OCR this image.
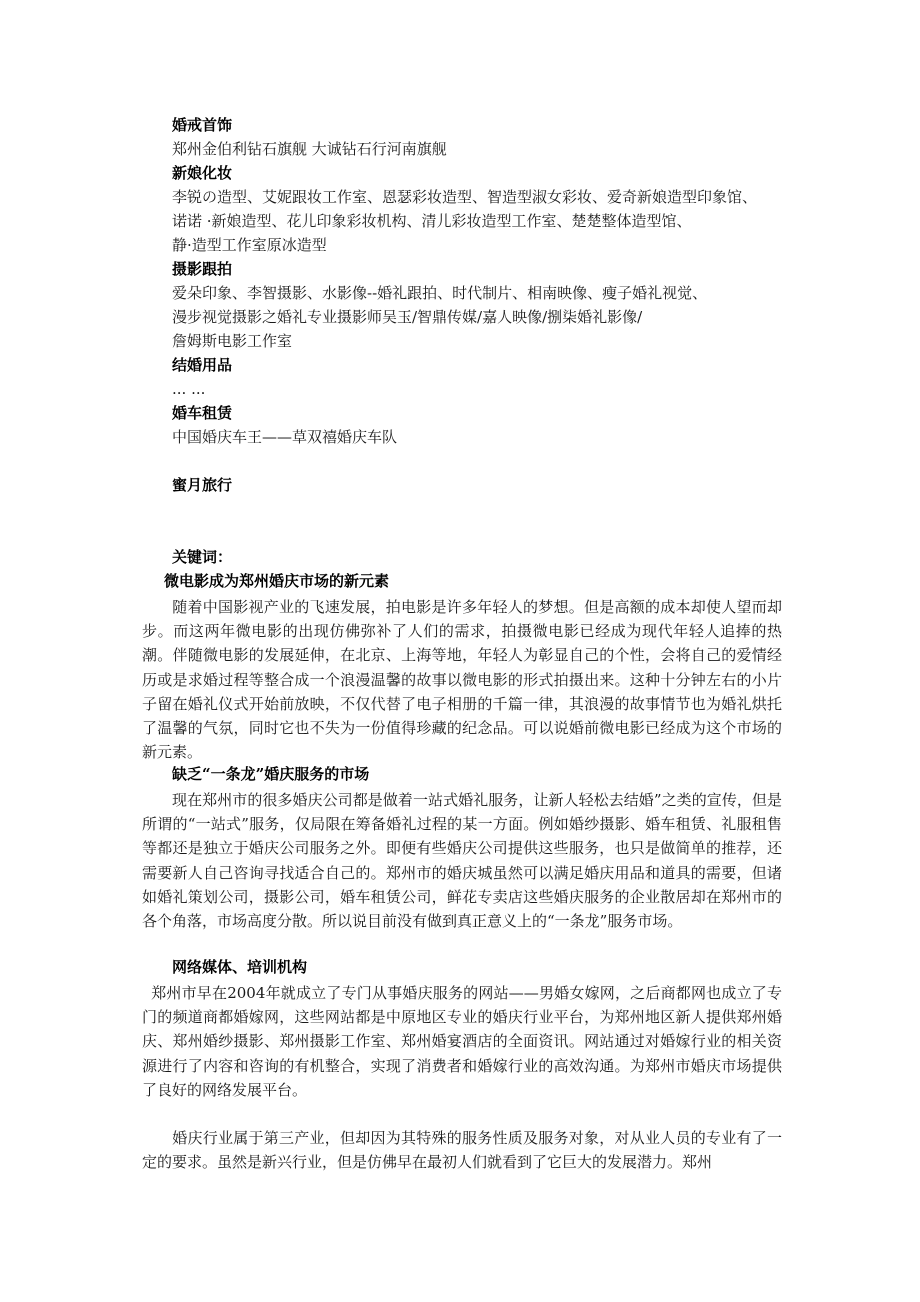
婚戒首饰
郑州金伯利钻石旗舰 大诚钻石行河南旗舰
新娘化妆
李锐の造型、艾妮跟妆工作室、恩瑟彩妆造型、智造型淑女彩妆、爱奇新娘造型印象馆、
诺诺 ·新娘造型、花儿印象彩妆机构、清儿彩妆造型工作室、楚楚整体造型馆、
静·造型工作室原冰造型
摄影跟拍
爱朵印象、李智摄影、水影像--婚礼跟拍、时代制片、相南映像、瘦子婚礼视觉、
漫步视觉摄影之婚礼专业摄影师吴玉/智鼎传媒/嘉人映像/捌柒婚礼影像/
詹姆斯电影工作室
结婚用品
... ...
婚车租赁
中国婚庆车王——草双禧婚庆车队
蜜月旅行
关键词：
微电影成为郑州婚庆市场的新元素
随着中国影视产业的飞速发展，拍电影是许多年轻人的梦想。但是高额的成本却使人望而却步。而这两年微电影的出现仿佛弥补了人们的需求，拍摄微电影已经成为现代年轻人追捧的热潮。伴随微电影的发展延伸，在北京、上海等地，年轻人为彰显自己的个性，会将自己的爱情经历或是求婚过程等整合成一个浪漫温馨的故事以微电影的形式拍摄出来。这种十分钟左右的小片子留在婚礼仪式开始前放映，不仅代替了电子相册的千篇一律，其浪漫的故事情节也为婚礼烘托了温馨的气氛，同时它也不失为一份值得珍藏的纪念品。可以说婚前微电影已经成为这个市场的新元素。
缺乏“一条龙”婚庆服务的市场
现在郑州市的很多婚庆公司都是做着一站式婚礼服务，让新人轻松去结婚”之类的宣传，但是所谓的“一站式”服务，仅局限在筹备婚礼过程的某一方面。例如婚纱摄影、婚车租赁、礼服租售等都还是独立于婚庆公司服务之外。即便有些婚庆公司提供这些服务，也只是做简单的推荐，还需要新人自己咨询寻找适合自己的。郑州市的婚庆城虽然可以满足婚庆用品和道具的需要，但诸如婚礼策划公司，摄影公司，婚车租赁公司，鲜花专卖店这些婚庆服务的企业散居却在郑州市的各个角落，市场高度分散。所以说目前没有做到真正意义上的“一条龙”服务市场。
网络媒体、培训机构
郑州市早在2004年就成立了专门从事婚庆服务的网站——男婚女嫁网，之后商都网也成立了专门的频道商都婚嫁网，这些网站都是中原地区专业的婚庆行业平台，为郑州地区新人提供郑州婚庆、郑州婚纱摄影、郑州摄影工作室、郑州婚宴酒店的全面资讯。网站通过对婚嫁行业的相关资源进行了内容和咨询的有机整合，实现了消费者和婚嫁行业的高效沟通。为郑州市婚庆市场提供了良好的网络发展平台。
婚庆行业属于第三产业，但却因为其特殊的服务性质及服务对象，对从业人员的专业有了一定的要求。虽然是新兴行业，但是仿佛早在最初人们就看到了它巨大的发展潜力。郑州
